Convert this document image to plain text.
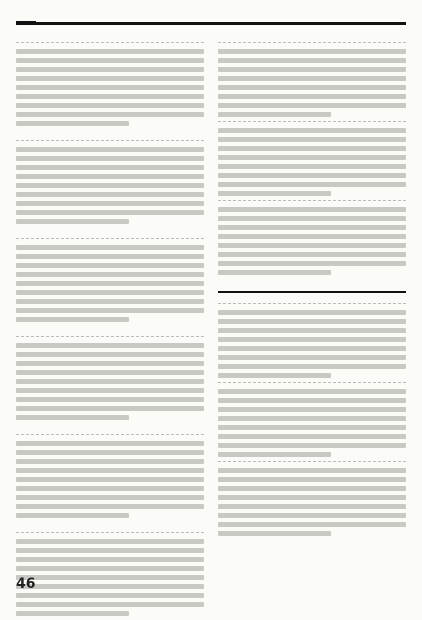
46
